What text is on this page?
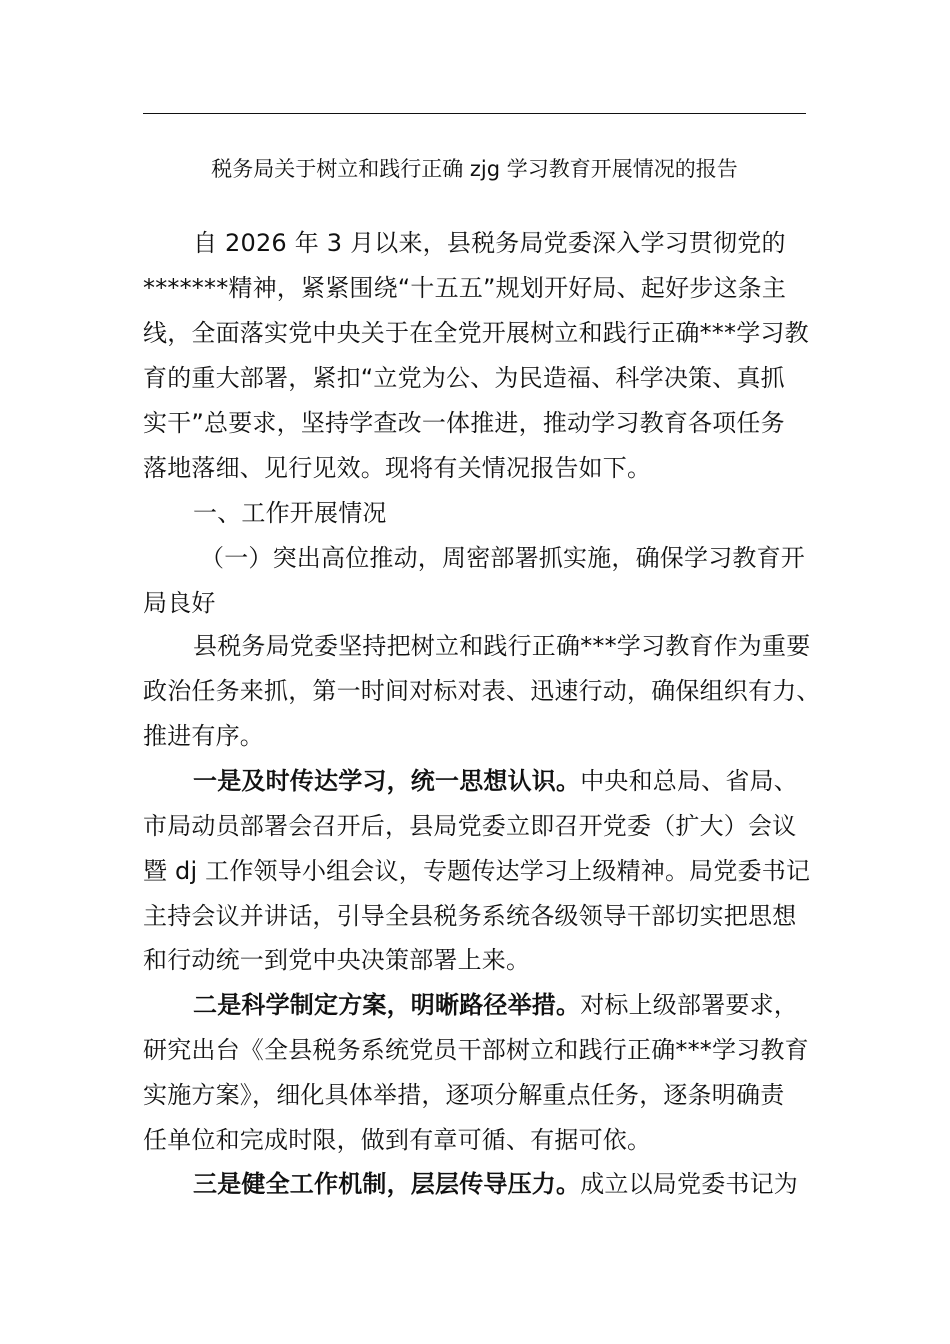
税务局关于树立和践行正确 zjg 学习教育开展情况的报告
自 2026 年 3 月以来，县税务局党委深入学习贯彻党的
*******精神，紧紧围绕“十五五”规划开好局、起好步这条主
线，全面落实党中央关于在全党开展树立和践行正确***学习教
育的重大部署，紧扣“立党为公、为民造福、科学决策、真抓
实干”总要求，坚持学查改一体推进，推动学习教育各项任务
落地落细、见行见效。现将有关情况报告如下。
一、工作开展情况
（一）突出高位推动，周密部署抓实施，确保学习教育开
局良好
县税务局党委坚持把树立和践行正确***学习教育作为重要
政治任务来抓，第一时间对标对表、迅速行动，确保组织有力、
推进有序。
一是及时传达学习，统一思想认识。中央和总局、省局、
市局动员部署会召开后，县局党委立即召开党委（扩大）会议
暨 dj 工作领导小组会议，专题传达学习上级精神。局党委书记
主持会议并讲话，引导全县税务系统各级领导干部切实把思想
和行动统一到党中央决策部署上来。
二是科学制定方案，明晰路径举措。对标上级部署要求，
研究出台《全县税务系统党员干部树立和践行正确***学习教育
实施方案》，细化具体举措，逐项分解重点任务，逐条明确责
任单位和完成时限，做到有章可循、有据可依。
三是健全工作机制，层层传导压力。成立以局党委书记为
